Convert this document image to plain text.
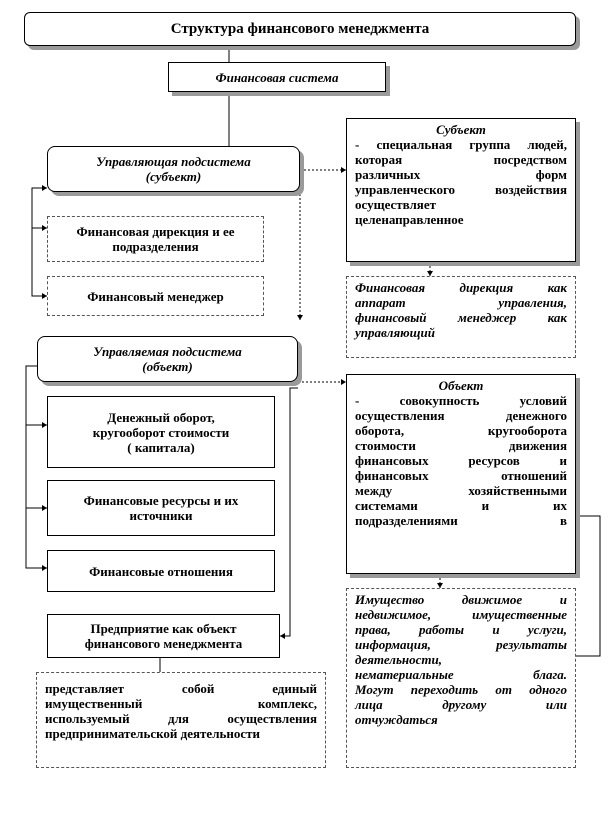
Структура финансового менеджмента
Финансовая система
Управляющая подсистема
(субъект)
Финансовая дирекция и ее
подразделения
Финансовый менеджер
Субъект
- специальная группа людей,
которая посредством
различных форм
управленческого воздействия
осуществляет
целенаправленное
Финансовая дирекция как
аппарат управления,
финансовый менеджер как
управляющий
Управляемая подсистема
(объект)
Денежный оборот,
кругооборот стоимости
( капитала)
Финансовые ресурсы и их
источники
Финансовые отношения
Предприятие как объект
финансового менеджмента
Объект
- совокупность условий
осуществления денежного
оборота, кругооборота
стоимости движения
финансовых ресурсов и
финансовых отношений
между хозяйственными
системами и их
подразделениями в
Имущество движимое и
недвижимое, имущественные
права, работы и услуги,
информация, результаты
деятельности,
нематериальные блага.
Могут переходить от одного
лица другому или
отчуждаться
представляет собой единый
имущественный комплекс,
используемый для осуществления
предпринимательской деятельности
